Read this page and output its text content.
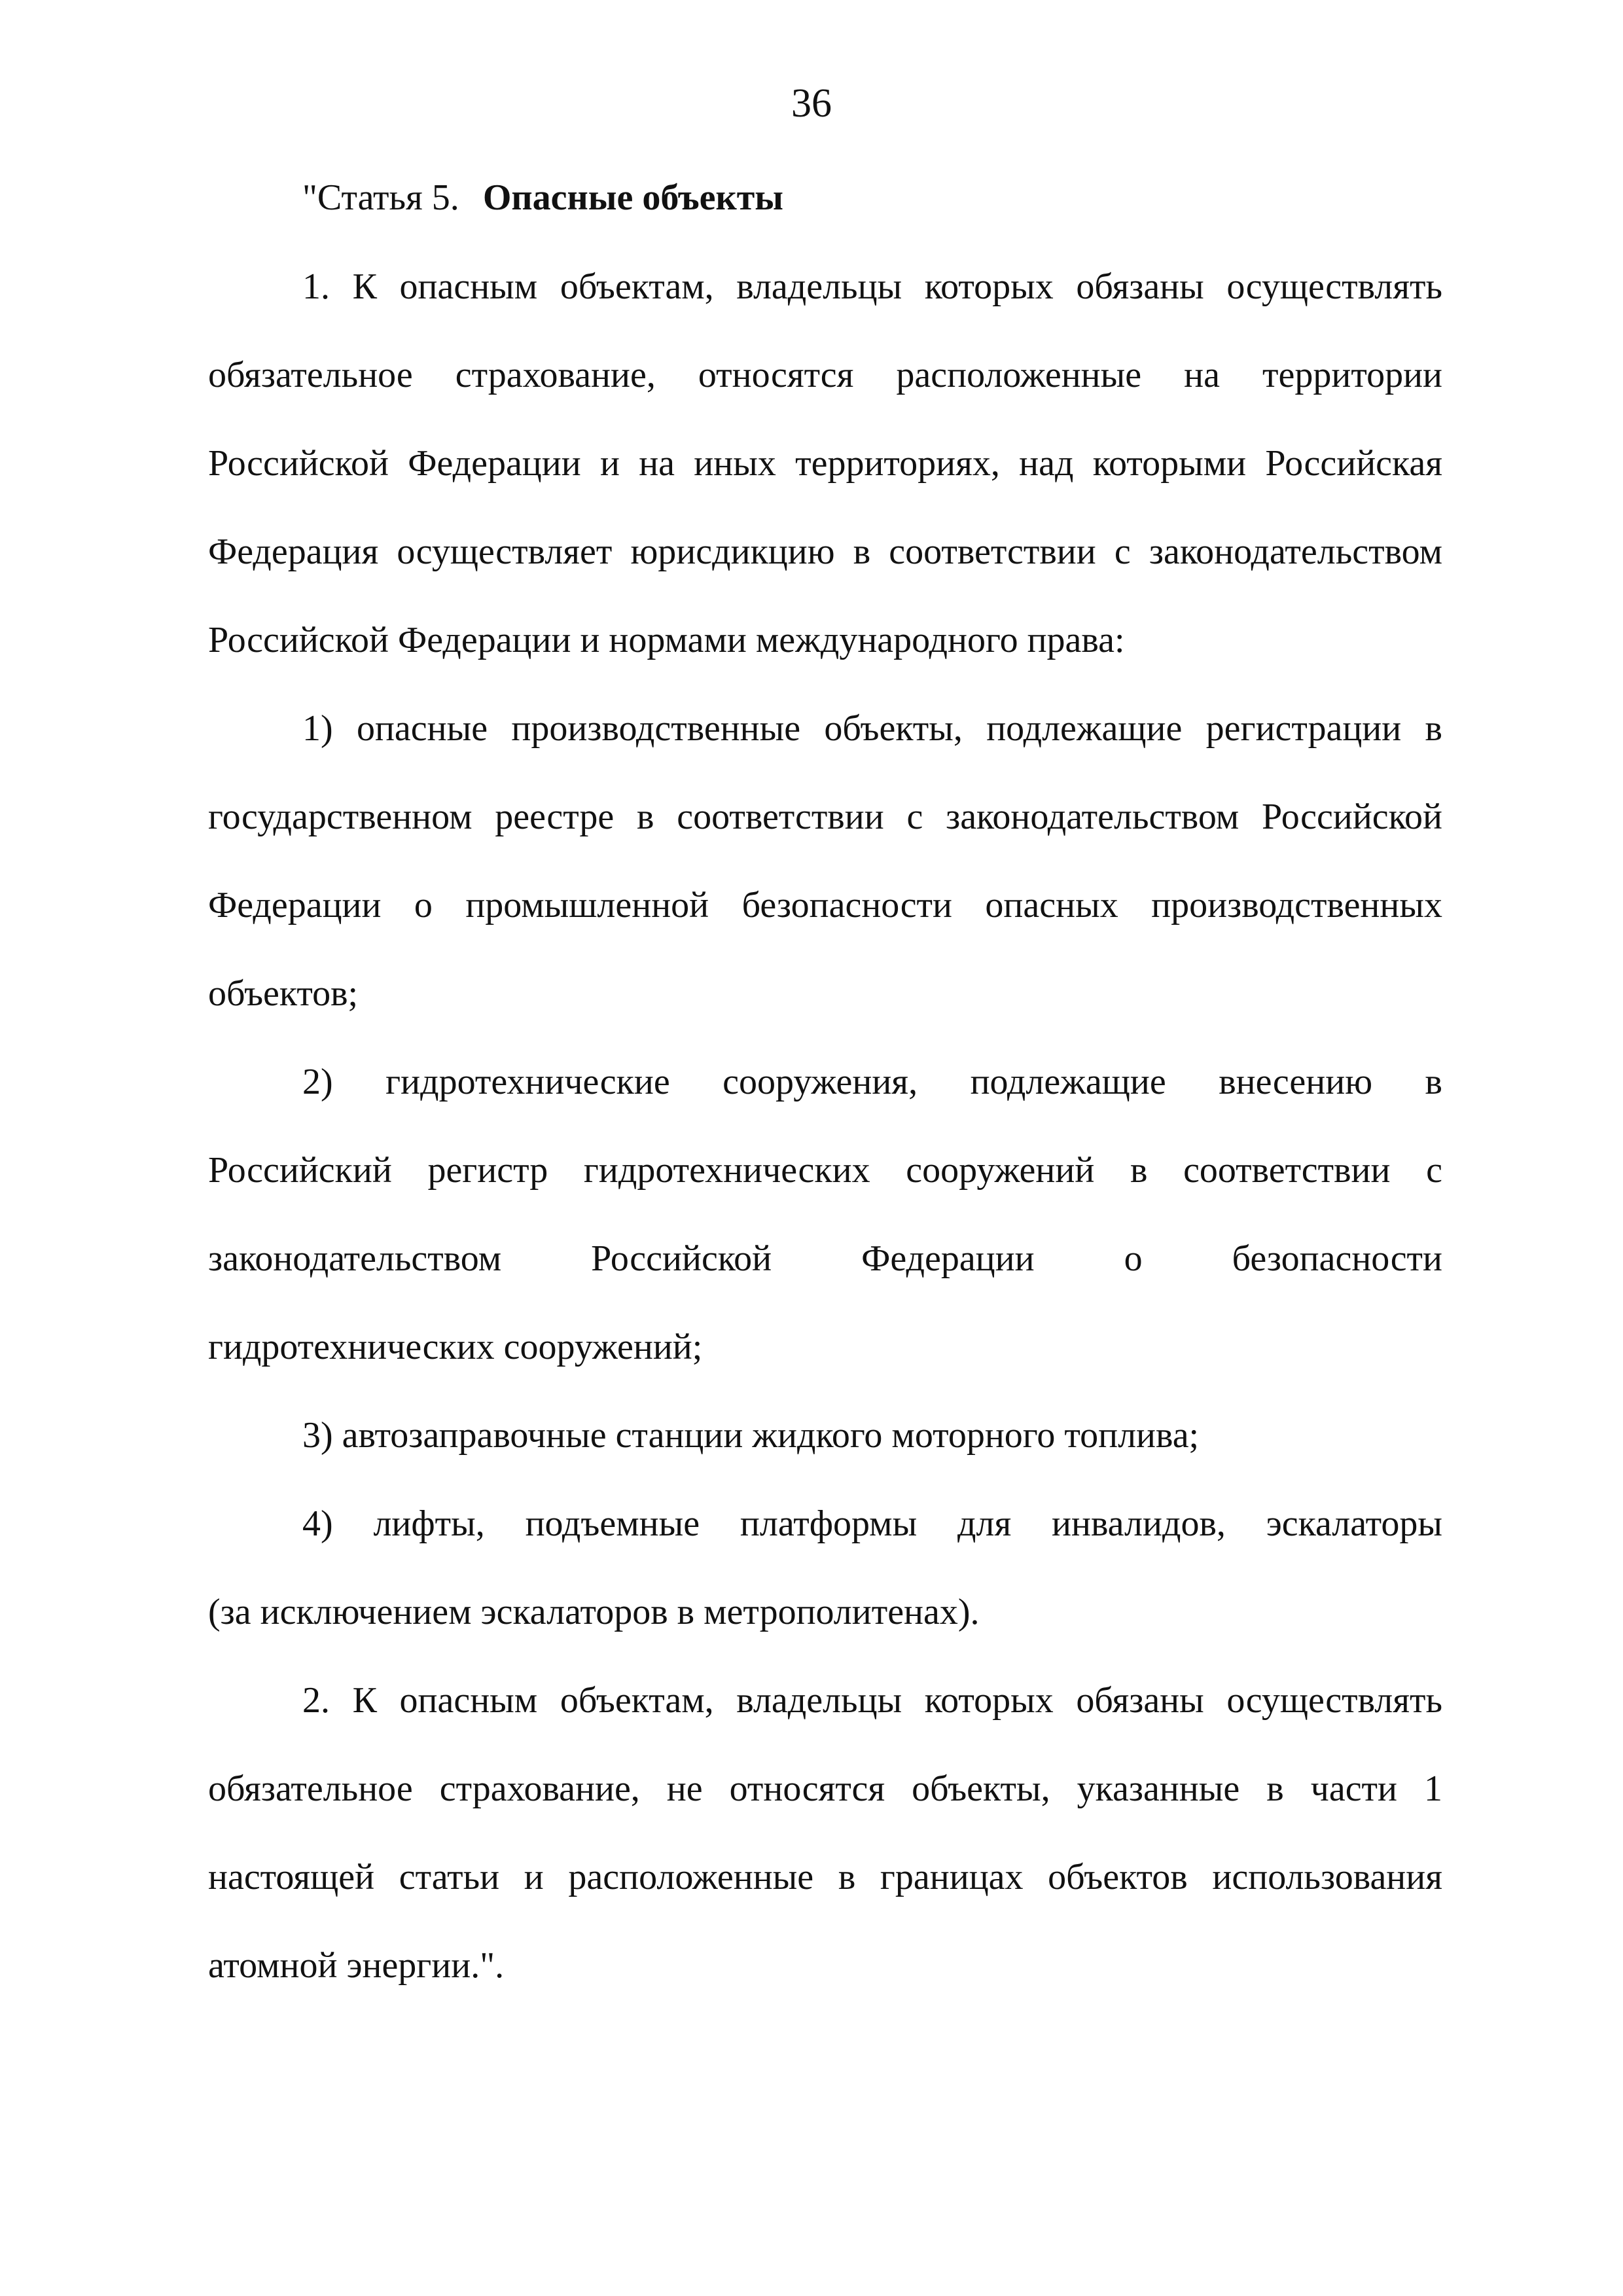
36
"Статья 5. Опасные объекты
1. К опасным объектам, владельцы которых обязаны осуществлять
обязательное страхование, относятся расположенные на территории
Российской Федерации и на иных территориях, над которыми Российская
Федерация осуществляет юрисдикцию в соответствии с законодательством
Российской Федерации и нормами международного права:
1) опасные производственные объекты, подлежащие регистрации в
государственном реестре в соответствии с законодательством Российской
Федерации о промышленной безопасности опасных производственных
объектов;
2) гидротехнические сооружения, подлежащие внесению в
Российский регистр гидротехнических сооружений в соответствии с
законодательством Российской Федерации о безопасности
гидротехнических сооружений;
3) автозаправочные станции жидкого моторного топлива;
4) лифты, подъемные платформы для инвалидов, эскалаторы
(за исключением эскалаторов в метрополитенах).
2. К опасным объектам, владельцы которых обязаны осуществлять
обязательное страхование, не относятся объекты, указанные в части 1
настоящей статьи и расположенные в границах объектов использования
атомной энергии.".
